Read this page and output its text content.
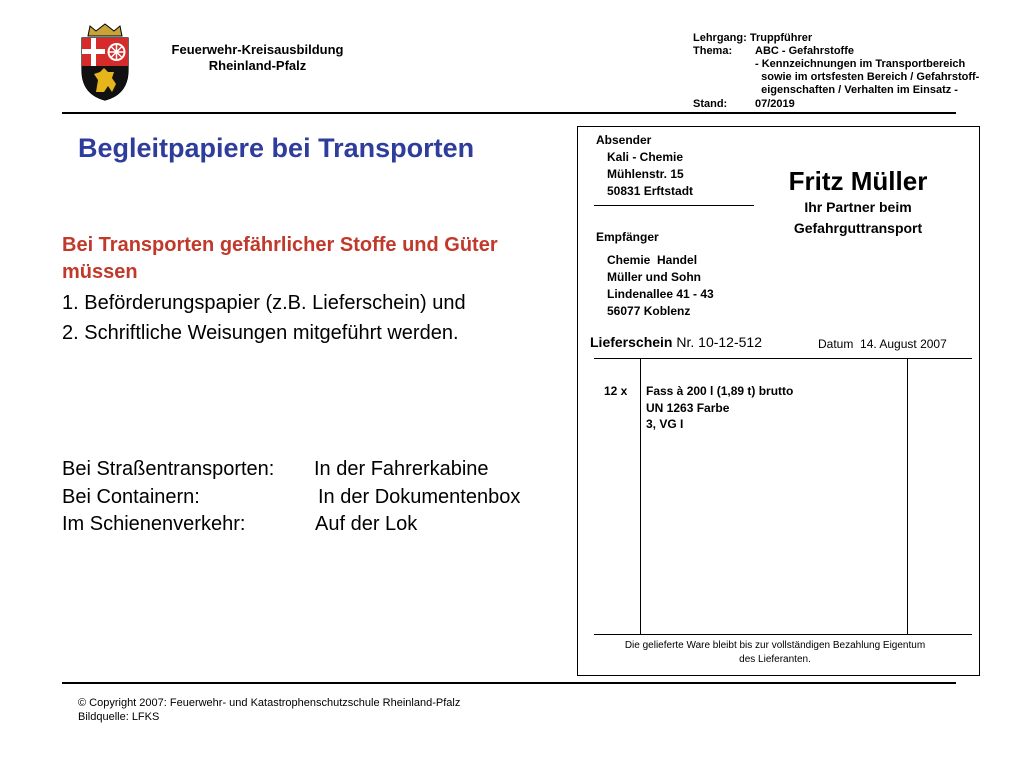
Feuerwehr-Kreisausbildung
Rheinland-Pfalz
Lehrgang: Truppführer
Thema: ABC - Gefahrstoffe
- Kennzeichnungen im Transportbereich
sowie im ortsfesten Bereich / Gefahrstoff-
eigenschaften / Verhalten im Einsatz -
Stand:	07/2019
Begleitpapiere bei Transporten
Bei Transporten gefährlicher Stoffe und Güter müssen
1. Beförderungspapier (z.B. Lieferschein) und
2. Schriftliche Weisungen mitgeführt werden.
Bei Straßentransporten: In der Fahrerkabine
Bei Containern:	In der Dokumentenbox
Im Schienenverkehr:	Auf der Lok
Absender
Kali - Chemie
Mühlenstr. 15
50831 Erftstadt	Fritz Müller
Ihr Partner beim
Gefahrguttransport
Empfänger
Chemie  Handel
Müller und Sohn
Lindenallee 41 - 43
56077 Koblenz
Lieferschein Nr. 10-12-512	Datum 14. August 2007
12 x Fass à 200 l (1,89 t) brutto
UN 1263 Farbe
3, VG I
Die gelieferte Ware bleibt bis zur vollständigen Bezahlung Eigentum
des Lieferanten.
© Copyright 2007: Feuerwehr- und Katastrophenschutzschule Rheinland-Pfalz
Bildquelle: LFKS
